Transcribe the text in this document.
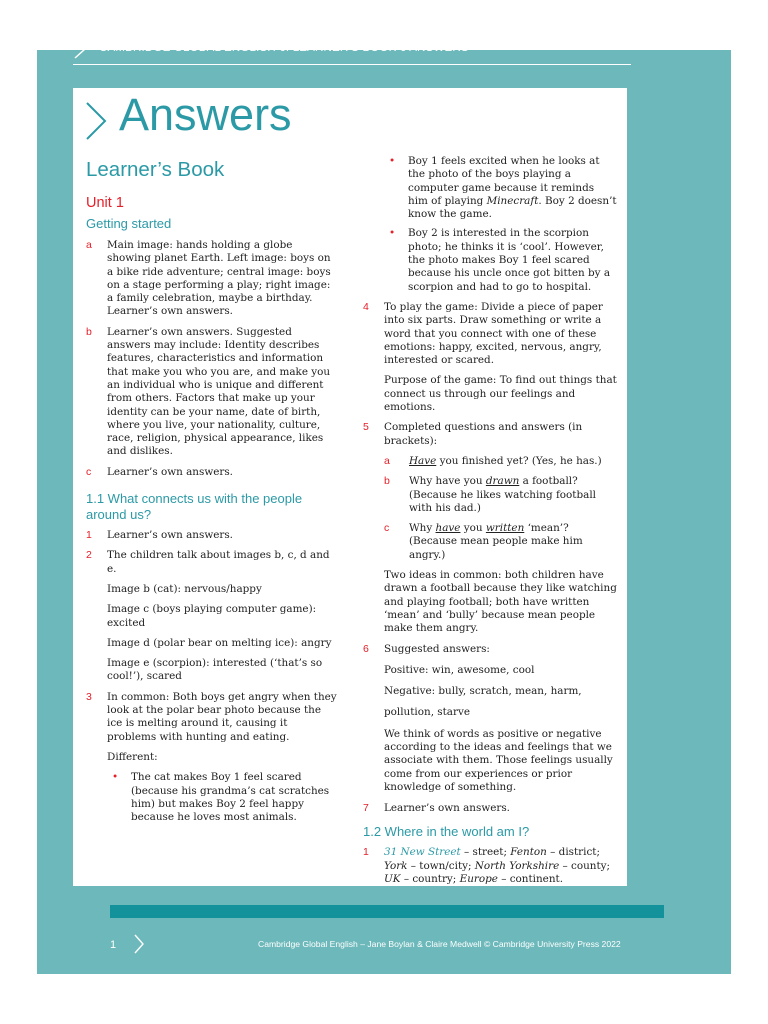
CAMBRIDGE GLOBAL ENGLISH 6: LEARNER’S BOOK 6 ANSWERS
Answers
Learner’s Book
Unit 1
Getting started
a Main image: hands holding a globe showing planet Earth. Left image: boys on a bike ride adventure; central image: boys on a stage performing a play; right image: a family celebration, maybe a birthday. Learner’s own answers.
b Learner’s own answers. Suggested answers may include: Identity describes features, characteristics and information that make you who you are, and make you an individual who is unique and different from others. Factors that make up your identity can be your name, date of birth, where you live, your nationality, culture, race, religion, physical appearance, likes and dislikes.
c Learner’s own answers.
1.1 What connects us with the people around us?
1 Learner’s own answers.
2 The children talk about images b, c, d and e.
Image b (cat): nervous/happy
Image c (boys playing computer game): excited
Image d (polar bear on melting ice): angry
Image e (scorpion): interested (‘that’s so cool!’), scared
3 In common: Both boys get angry when they look at the polar bear photo because the ice is melting around it, causing it problems with hunting and eating.
Different:
• The cat makes Boy 1 feel scared (because his grandma’s cat scratches him) but makes Boy 2 feel happy because he loves most animals.
• Boy 1 feels excited when he looks at the photo of the boys playing a computer game because it reminds him of playing Minecraft. Boy 2 doesn’t know the game.
• Boy 2 is interested in the scorpion photo; he thinks it is ‘cool’. However, the photo makes Boy 1 feel scared because his uncle once got bitten by a scorpion and had to go to hospital.
4 To play the game: Divide a piece of paper into six parts. Draw something or write a word that you connect with one of these emotions: happy, excited, nervous, angry, interested or scared.
Purpose of the game: To find out things that connect us through our feelings and emotions.
5 Completed questions and answers (in brackets):
a Have you finished yet? (Yes, he has.)
b Why have you drawn a football? (Because he likes watching football with his dad.)
c Why have you written ‘mean’? (Because mean people make him angry.)
Two ideas in common: both children have drawn a football because they like watching and playing football; both have written ‘mean’ and ‘bully’ because mean people make them angry.
6 Suggested answers:
Positive: win, awesome, cool
Negative: bully, scratch, mean, harm,
pollution, starve
We think of words as positive or negative according to the ideas and feelings that we associate with them. Those feelings usually come from our experiences or prior knowledge of something.
7 Learner’s own answers.
1.2 Where in the world am I?
1 31 New Street – street; Fenton – district; York – town/city; North Yorkshire – county; UK – country; Europe – continent.
1	Cambridge Global English – Jane Boylan & Claire Medwell © Cambridge University Press 2022
